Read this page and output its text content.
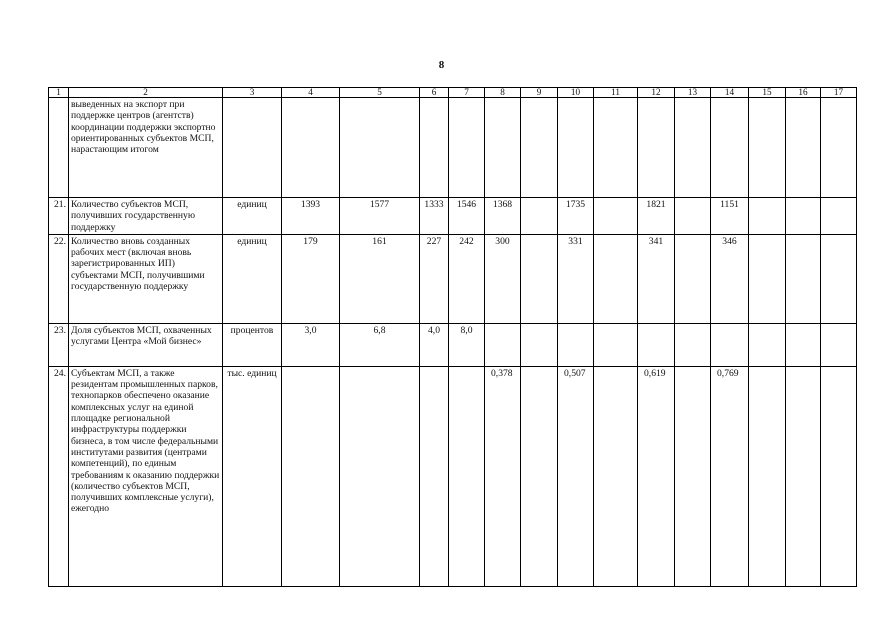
8
1	2	3	4	5	6	7	8	9	10	11	12	13	14	15	16	17
	выведенных на экспорт при поддержке центров (агентств) координации поддержки экспортно ориентированных субъектов МСП, нарастающим итогом															
21.	Количество субъектов МСП, получивших государственную поддержку	единиц	1393	1577	1333	1546	1368		1735		1821		1151			
22.	Количество вновь созданных рабочих мест (включая вновь зарегистрированных ИП) субъектами МСП, получившими государственную поддержку	единиц	179	161	227	242	300		331		341		346			
23.	Доля субъектов МСП, охваченных услугами Центра «Мой бизнес»	процентов	3,0	6,8	4,0	8,0										
24.	Субъектам МСП, а также резидентам промышленных парков, технопарков обеспечено оказание комплексных услуг на единой площадке региональной инфраструктуры поддержки бизнеса, в том числе федеральными институтами развития (центрами компетенций), по единым требованиям к оказанию поддержки (количество субъектов МСП, получивших комплексные услуги), ежегодно	тыс. единиц					0,378		0,507		0,619		0,769			
